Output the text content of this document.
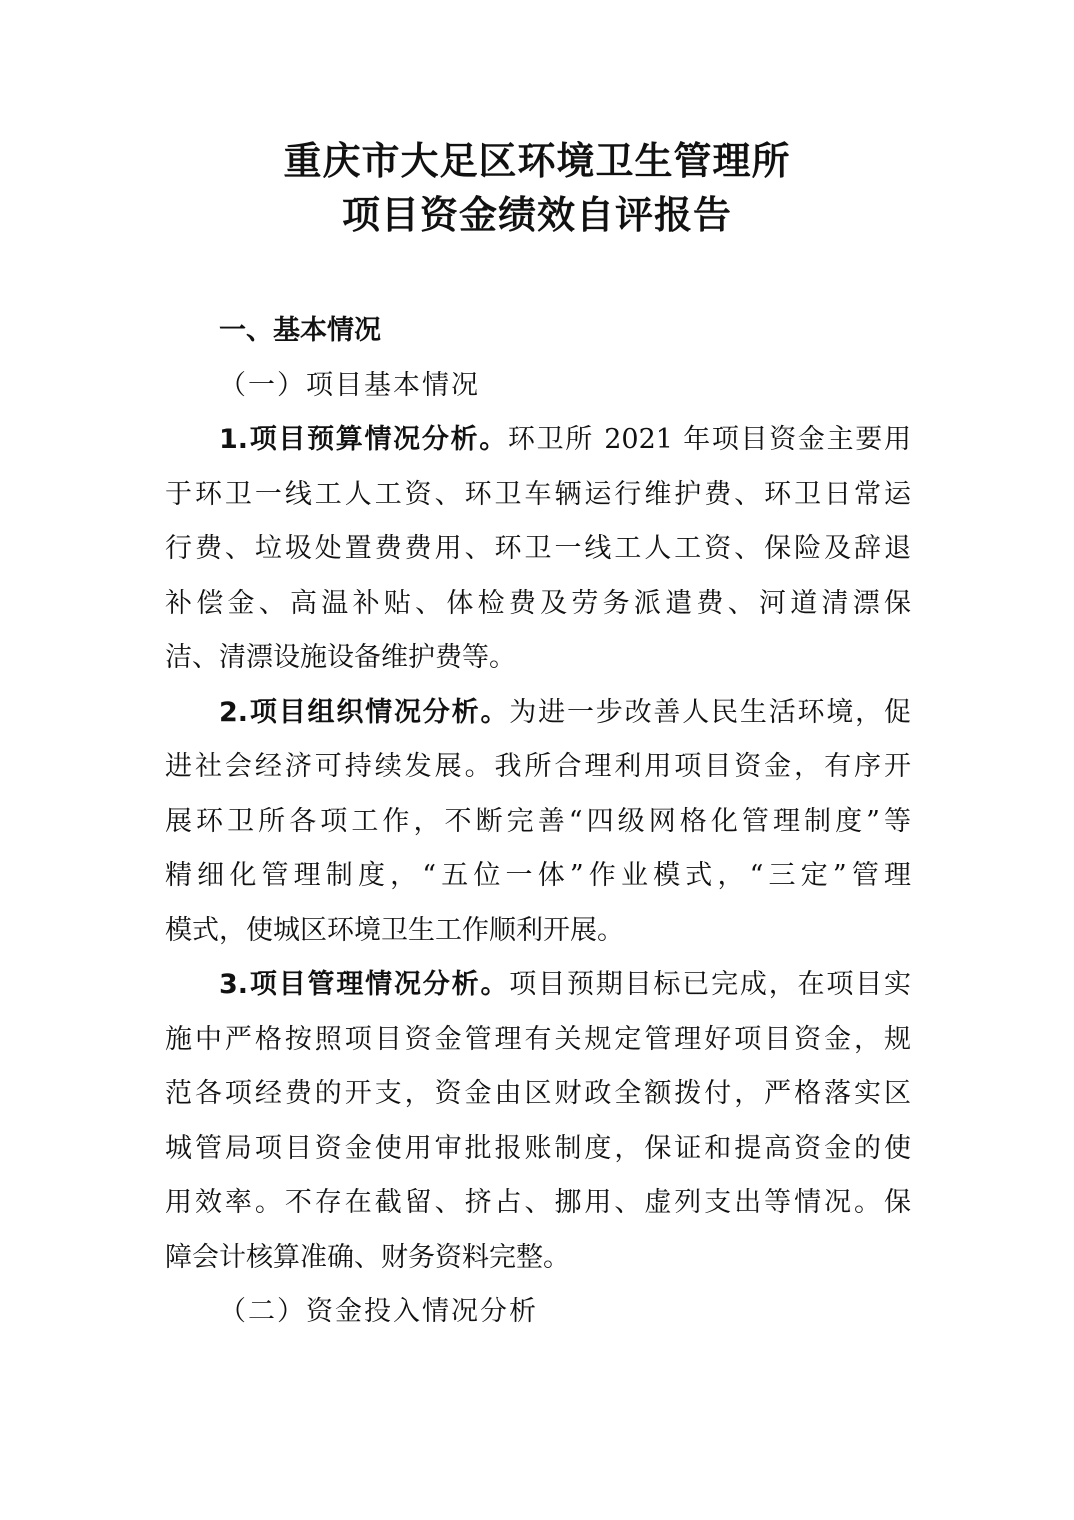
重庆市大足区环境卫生管理所
项目资金绩效自评报告
一、基本情况
（一）项目基本情况
1.项目预算情况分析。环卫所 2021 年项目资金主要用
于环卫一线工人工资、环卫车辆运行维护费、环卫日常运
行费、垃圾处置费费用、环卫一线工人工资、保险及辞退
补偿金、高温补贴、体检费及劳务派遣费、河道清漂保
洁、清漂设施设备维护费等。
2.项目组织情况分析。为进一步改善人民生活环境，促
进社会经济可持续发展。我所合理利用项目资金，有序开
展环卫所各项工作，不断完善“四级网格化管理制度”等
精细化管理制度，“五位一体”作业模式，“三定”管理
模式，使城区环境卫生工作顺利开展。
3.项目管理情况分析。项目预期目标已完成，在项目实
施中严格按照项目资金管理有关规定管理好项目资金，规
范各项经费的开支，资金由区财政全额拨付，严格落实区
城管局项目资金使用审批报账制度，保证和提高资金的使
用效率。不存在截留、挤占、挪用、虚列支出等情况。保
障会计核算准确、财务资料完整。
（二）资金投入情况分析
